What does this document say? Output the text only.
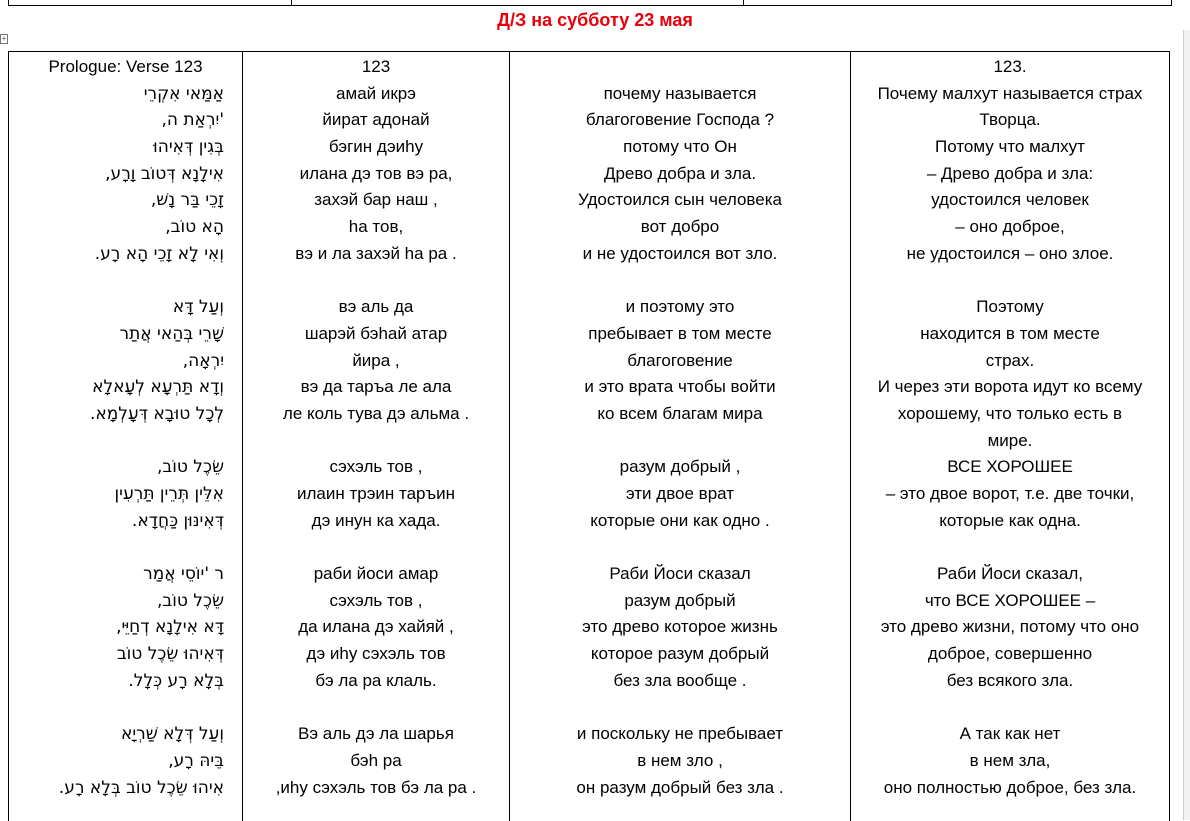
Д/З на субботу 23 мая
+
Prologue: Verse 123
אַמַּאי אִקְרֵי
'יִרְאַת ה,
בְּגִין דְּאִיהוּ
אִילָנָא דְּטוֹב וָרָע,
זָכֵי בַּר נָשׁ,
הָא טוֹב,
וְאִי לָא זָכֵי הָא רָע.
וְעַל דָּא
שָׁרֵי בְּהַאי אֲתַר
יִרְאָה,
וְדָא תַּרְעָא לְעָאלָא
לְכָל טוּבָא דְּעָלְמָא.
שֵׂכֶל טוֹב,
אִלֵּין תְּרֵין תַּרְעִין
דְּאִינּוּן כַּחֲדָא.
ר 'יוֹסֵי אֲמַר
שֵׂכֶל טוֹב,
דָּא אִילָנָא דְחַיֵּי,
דְּאִיהוּ שֵׂכֶל טוֹב
בְּלָא רָע כְּלָל.
וְעַל דְּלָא שַׁרְיָא
בֵּיהּ רָע,
אִיהוּ שֵׂכֶל טוֹב בְּלָא רָע.
123
амай икрэ
йират адонай
бэгин дэиhу
илана дэ тов вэ ра,
захэй бар наш ,
hа тов,
вэ и ла захэй hа ра .
вэ аль да
шарэй бэhай атар
йира ,
вэ да таръа ле ала
ле коль тува дэ альма .
сэхэль тов ,
илаин трэин таръин
дэ инун ка хада.
раби йоси амар
сэхэль тов ,
да илана дэ хайяй ,
дэ иhу сэхэль тов
бэ ла ра клаль.
Вэ аль дэ ла шарья
бэh ра
,иhу сэхэль тов бэ ла ра .
почему называется
благоговение Господа ?
потому что Он
Древо добра и зла.
Удостоился сын человека
вот добро
и не удостоился вот зло.
и поэтому это
пребывает в том месте
благоговение
и это врата чтобы войти
ко всем благам мира
разум добрый ,
эти двое врат
которые они как одно .
Раби Йоси сказал
разум добрый
это древо которое жизнь
которое разум добрый
без зла вообще .
и поскольку не пребывает
в нем зло ,
он разум добрый без зла .
123.
Почему малхут называется страх
Творца.
Потому что малхут
– Древо добра и зла:
удостоился человек
– оно доброе,
не удостоился – оно злое.
Поэтому
находится в том месте
страх.
И через эти ворота идут ко всему
хорошему, что только есть в
мире.
ВСЕ ХОРОШЕЕ
– это двое ворот, т.е. две точки,
которые как одна.
Раби Йоси сказал,
что ВСЕ ХОРОШЕЕ –
это древо жизни, потому что оно
доброе, совершенно
без всякого зла.
А так как нет
в нем зла,
оно полностью доброе, без зла.
